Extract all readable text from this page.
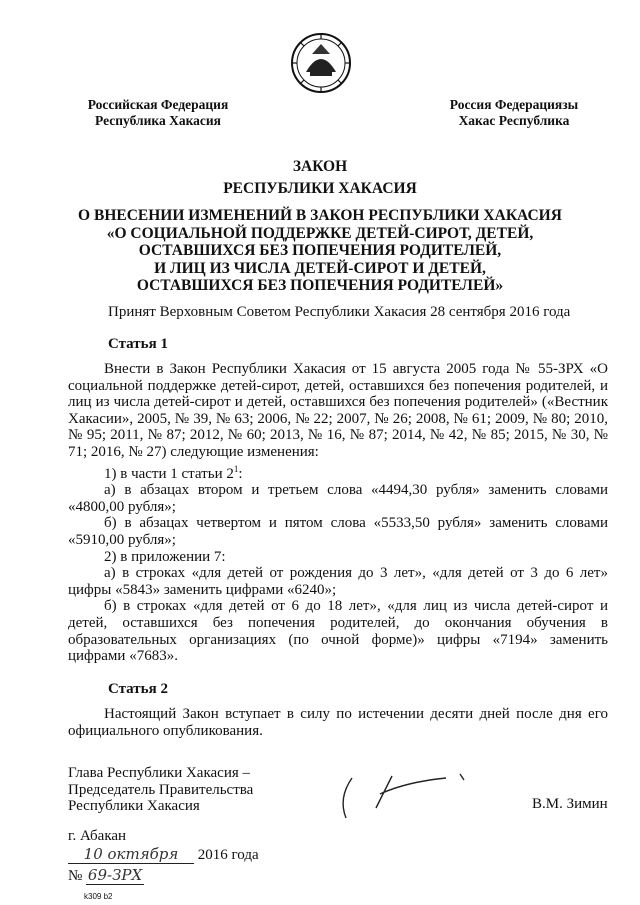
Российская Федерация
Республика Хакасия
Россия Федерациязы
Хакас Республика
ЗАКОН
РЕСПУБЛИКИ ХАКАСИЯ
О ВНЕСЕНИИ ИЗМЕНЕНИЙ В ЗАКОН РЕСПУБЛИКИ ХАКАСИЯ
«О СОЦИАЛЬНОЙ ПОДДЕРЖКЕ ДЕТЕЙ-СИРОТ, ДЕТЕЙ,
ОСТАВШИХСЯ БЕЗ ПОПЕЧЕНИЯ РОДИТЕЛЕЙ,
И ЛИЦ ИЗ ЧИСЛА ДЕТЕЙ-СИРОТ И ДЕТЕЙ,
ОСТАВШИХСЯ БЕЗ ПОПЕЧЕНИЯ РОДИТЕЛЕЙ»
Принят Верховным Советом Республики Хакасия 28 сентября 2016 года
Статья 1

Внести в Закон Республики Хакасия от 15 августа 2005 года № 55-ЗРХ «О социальной поддержке детей-сирот, детей, оставшихся без попечения родителей, и лиц из числа детей-сирот и детей, оставшихся без попечения родителей» («Вестник Хакасии», 2005, № 39, № 63; 2006, № 22; 2007, № 26; 2008, № 61; 2009, № 80; 2010, № 95; 2011, № 87; 2012, № 60; 2013, № 16, № 87; 2014, № 42, № 85; 2015, № 30, № 71; 2016, № 27) следующие изменения:

1) в части 1 статьи $2^1$:

а) в абзацах втором и третьем слова «4494,30 рубля» заменить словами «4800,00 рубля»;

б) в абзацах четвертом и пятом слова «5533,50 рубля» заменить словами «5910,00 рубля»;

2) в приложении 7:

а) в строках «для детей от рождения до 3 лет», «для детей от 3 до 6 лет» цифры «5843» заменить цифрами «6240»;

б) в строках «для детей от 6 до 18 лет», «для лиц из числа детей-сирот и детей, оставшихся без попечения родителей, до окончания обучения в образовательных организациях (по очной форме)» цифры «7194» заменить цифрами «7683».

Статья 2

Настоящий Закон вступает в силу по истечении десяти дней после дня его официального опубликования.

Глава Республики Хакасия –
Председатель Правительства
Республики Хакасия	В.М. Зимин
г. Абакан
10 октября 2016 года
№ 69-ЗРХ
k309 b2
